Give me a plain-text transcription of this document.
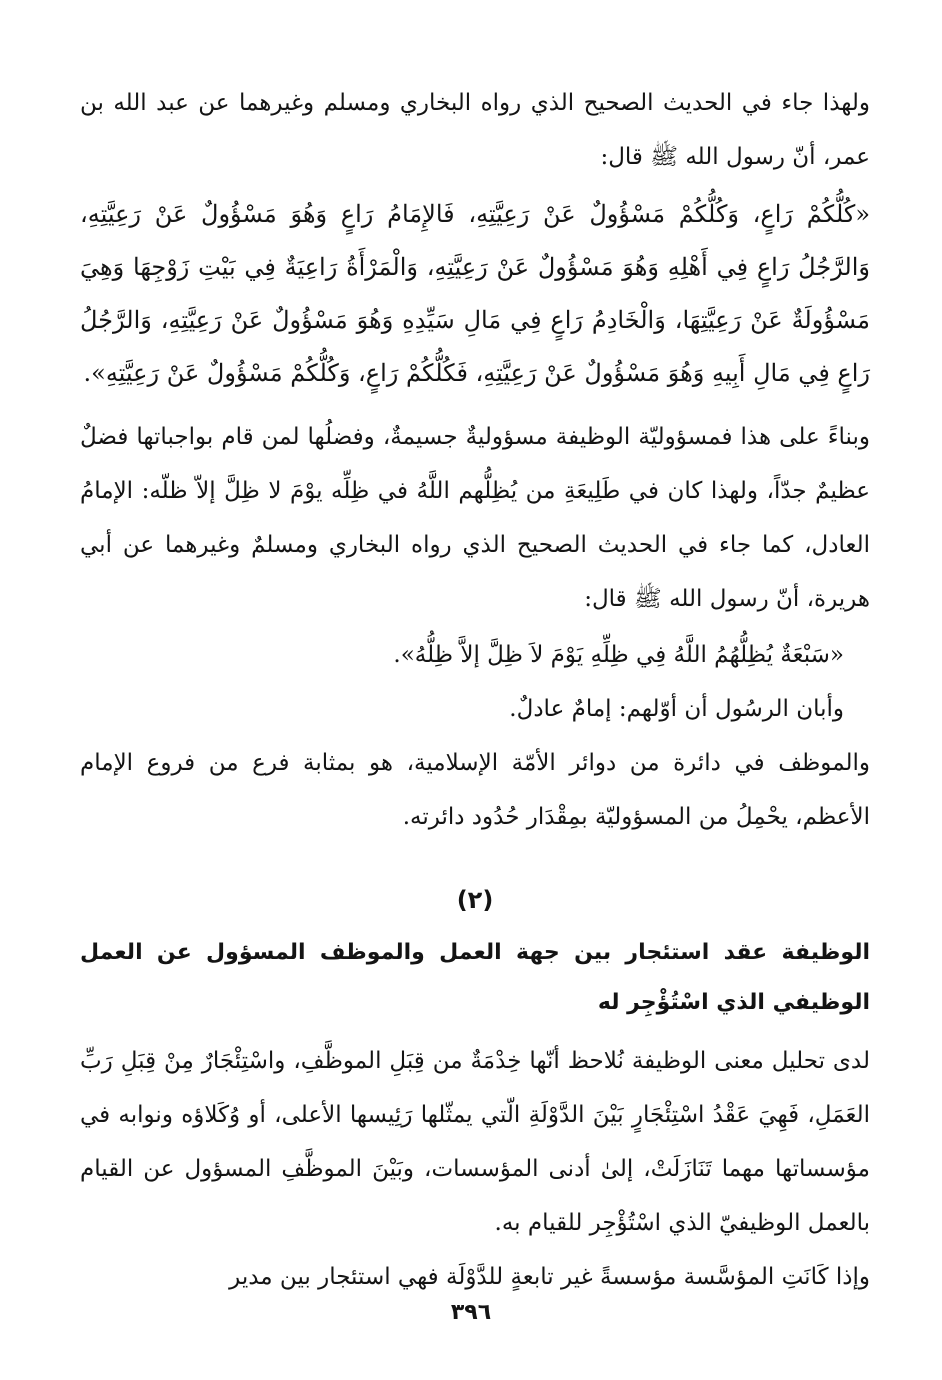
ولهذا جاء في الحديث الصحيح الذي رواه البخاري ومسلم وغيرهما عن عبد الله بن عمر، أنّ رسول الله ﷺ قال:

«كُلُّكُمْ رَاعٍ، وَكُلُّكُمْ مَسْؤُولٌ عَنْ رَعِيَّتِهِ، فَالإِمَامُ رَاعٍ وَهُوَ مَسْؤُولٌ عَنْ رَعِيَّتِهِ، وَالرَّجُلُ رَاعٍ فِي أَهْلِهِ وَهُوَ مَسْؤُولٌ عَنْ رَعِيَّتِهِ، وَالْمَرْأَةُ رَاعِيَةٌ فِي بَيْتِ زَوْجِهَا وَهِيَ مَسْؤُولَةٌ عَنْ رَعِيَّتِهَا، وَالْخَادِمُ رَاعٍ فِي مَالِ سَيِّدِهِ وَهُوَ مَسْؤُولٌ عَنْ رَعِيَّتِهِ، وَالرَّجُلُ رَاعٍ فِي مَالِ أَبِيهِ وَهُوَ مَسْؤُولٌ عَنْ رَعِيَّتِهِ، فَكُلُّكُمْ رَاعٍ، وَكُلُّكُمْ مَسْؤُولٌ عَنْ رَعِيَّتِهِ».

وبناءً على هذا فمسؤوليّة الوظيفة مسؤوليةٌ جسيمةٌ، وفضلُها لمن قام بواجباتها فضلٌ عظيمٌ جدّاً، ولهذا كان في طَلِيعَةِ من يُظِلُّهم اللَّهُ في ظِلِّه يوْمَ لا ظِلَّ إلاّ ظلّه: الإمامُ العادل، كما جاء في الحديث الصحيح الذي رواه البخاري ومسلمٌ وغيرهما عن أبي هريرة، أنّ رسول الله ﷺ قال:

«سَبْعَةٌ يُظِلُّهُمُ اللَّهُ فِي ظِلِّهِ يَوْمَ لاَ ظِلَّ إلاَّ ظِلُّهُ».

وأبان الرسُول أن أوّلهم: إمامٌ عادلٌ.

والموظف في دائرة من دوائر الأمّة الإسلامية، هو بمثابة فرع من فروع الإمام الأعظم، يحْمِلُ من المسؤوليّة بمِقْدَار حُدُود دائرته.

(٢)
الوظيفة عقد استئجار بين جهة العمل والموظف المسؤول عن العمل الوظيفي الذي اسْتُؤْجِر له

لدى تحليل معنى الوظيفة نُلاحظ أنّها خِدْمَةٌ من قِبَلِ الموظَّفِ، واسْتِئْجَارٌ مِنْ قِبَلِ رَبِّ العَمَلِ، فَهِيَ عَقْدُ اسْتِئْجَارٍ بَيْنَ الدَّوْلَةِ الّتي يمثّلها رَئِيسها الأعلى، أو وُكَلاؤه ونوابه في مؤسساتها مهما تَنَازَلَتْ، إلىٰ أدنى المؤسسات، وبَيْنَ الموظَّفِ المسؤول عن القيام بالعمل الوظيفيّ الذي اسْتُؤْجِر للقيام به.

وإذا كَانَتِ المؤسَّسة مؤسسةً غير تابعةٍ للدَّوْلَة فهي استئجار بين مدير

٣٩٦
